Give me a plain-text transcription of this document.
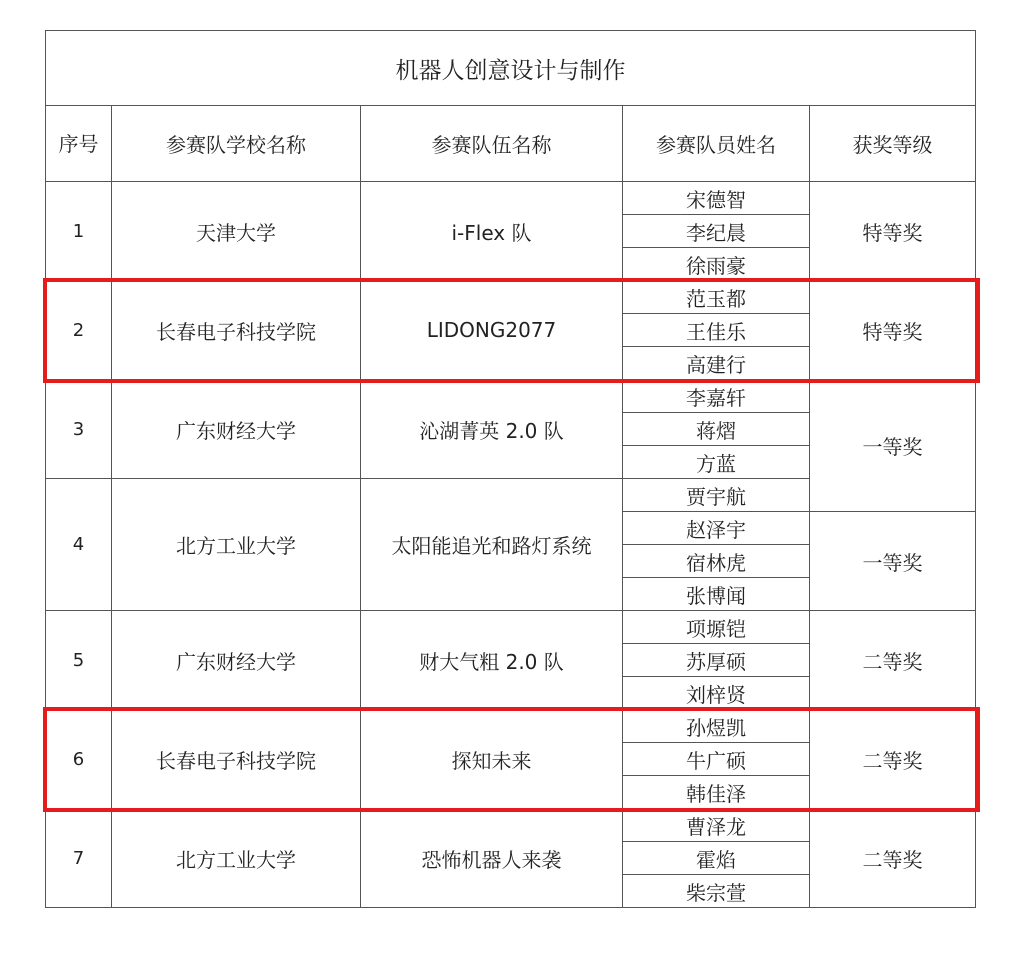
机器人创意设计与制作				
序号	参赛队学校名称	参赛队伍名称	参赛队员姓名	获奖等级
1	天津大学	i-Flex 队	宋德智	特等奖
			李纪晨	
			徐雨豪	
2	长春电子科技学院	LIDONG2077	范玉都	特等奖
			王佳乐	
			高建行	
3	广东财经大学	沁湖菁英 2.0 队	李嘉轩	一等奖
			蒋熠	
			方蓝	
4	北方工业大学	太阳能追光和路灯系统	贾宇航	
			赵泽宇	一等奖
			宿林虎	
			张博闻	
5	广东财经大学	财大气粗 2.0 队	项塬铠	二等奖
			苏厚硕	
			刘梓贤	
6	长春电子科技学院	探知未来	孙煜凯	二等奖
			牛广硕	
			韩佳泽	
7	北方工业大学	恐怖机器人来袭	曹泽龙	二等奖
			霍焰	
			柴宗萱	
